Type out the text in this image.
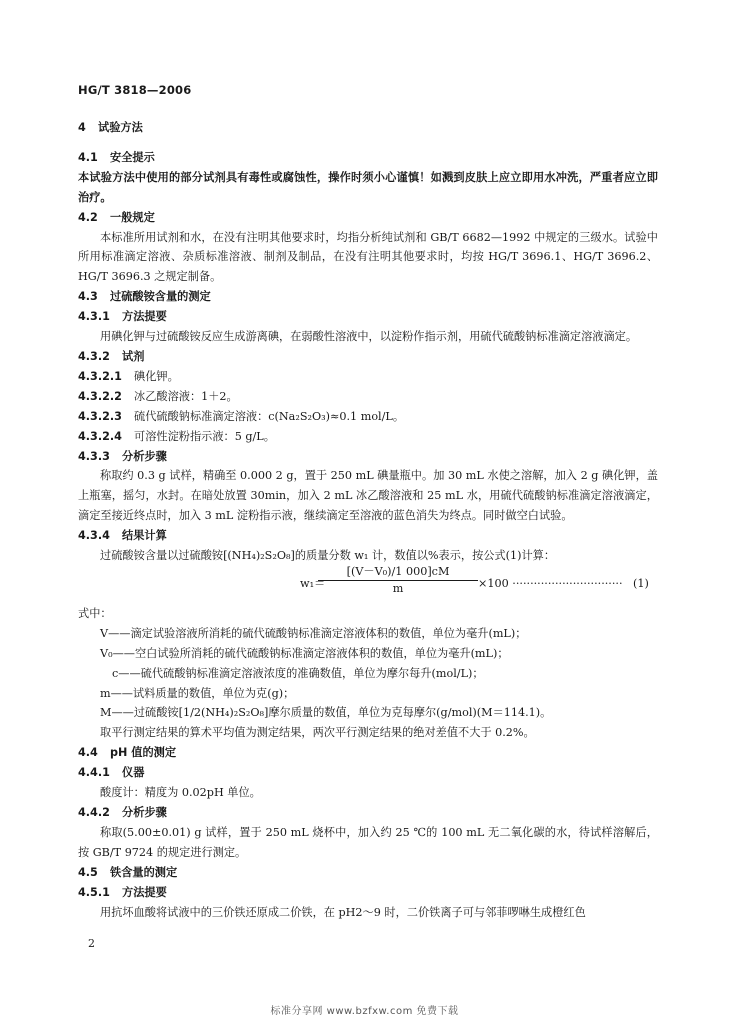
HG/T 3818—2006
4 试验方法
4.1 安全提示
本试验方法中使用的部分试剂具有毒性或腐蚀性，操作时须小心谨慎！如溅到皮肤上应立即用水冲洗，严重者应立即治疗。
4.2 一般规定
本标准所用试剂和水，在没有注明其他要求时，均指分析纯试剂和 GB/T 6682—1992 中规定的三级水。试验中所用标准滴定溶液、杂质标准溶液、制剂及制品，在没有注明其他要求时，均按 HG/T 3696.1、HG/T 3696.2、HG/T 3696.3 之规定制备。
4.3 过硫酸铵含量的测定
4.3.1 方法提要
用碘化钾与过硫酸铵反应生成游离碘，在弱酸性溶液中，以淀粉作指示剂，用硫代硫酸钠标准滴定溶液滴定。
4.3.2 试剂
4.3.2.1 碘化钾。
4.3.2.2 冰乙酸溶液：1＋2。
4.3.2.3 硫代硫酸钠标准滴定溶液：c(Na₂S₂O₃)≈0.1 mol/L。
4.3.2.4 可溶性淀粉指示液：5 g/L。
4.3.3 分析步骤
称取约 0.3 g 试样，精确至 0.000 2 g，置于 250 mL 碘量瓶中。加 30 mL 水使之溶解，加入 2 g 碘化钾，盖上瓶塞，摇匀，水封。在暗处放置 30min，加入 2 mL 冰乙酸溶液和 25 mL 水，用硫代硫酸钠标准滴定溶液滴定，滴定至接近终点时，加入 3 mL 淀粉指示液，继续滴定至溶液的蓝色消失为终点。同时做空白试验。
4.3.4 结果计算
过硫酸铵含量以过硫酸铵[(NH₄)₂S₂O₈]的质量分数 w₁ 计，数值以%表示，按公式(1)计算：
w₁＝
$\frac{\text{[(V－V₀)/1 000]cM}}{m} \times 100$ ······························· (1)
式中：
V——滴定试验溶液所消耗的硫代硫酸钠标准滴定溶液体积的数值，单位为毫升(mL)；
V₀——空白试验所消耗的硫代硫酸钠标准滴定溶液体积的数值，单位为毫升(mL)；
c——硫代硫酸钠标准滴定溶液浓度的准确数值，单位为摩尔每升(mol/L)；
m——试料质量的数值，单位为克(g)；
M——过硫酸铵[1/2(NH₄)₂S₂O₈]摩尔质量的数值，单位为克每摩尔(g/mol)(M＝114.1)。
取平行测定结果的算术平均值为测定结果，两次平行测定结果的绝对差值不大于 0.2%。
4.4 pH 值的测定
4.4.1 仪器
酸度计：精度为 0.02pH 单位。
4.4.2 分析步骤
称取(5.00±0.01) g 试样，置于 250 mL 烧杯中，加入约 25 ℃的 100 mL 无二氧化碳的水，待试样溶解后，按 GB/T 9724 的规定进行测定。
4.5 铁含量的测定
4.5.1 方法提要
用抗坏血酸将试液中的三价铁还原成二价铁，在 pH2～9 时，二价铁离子可与邻菲啰啉生成橙红色
2
标准分享网 www.bzfxw.com 免费下载
